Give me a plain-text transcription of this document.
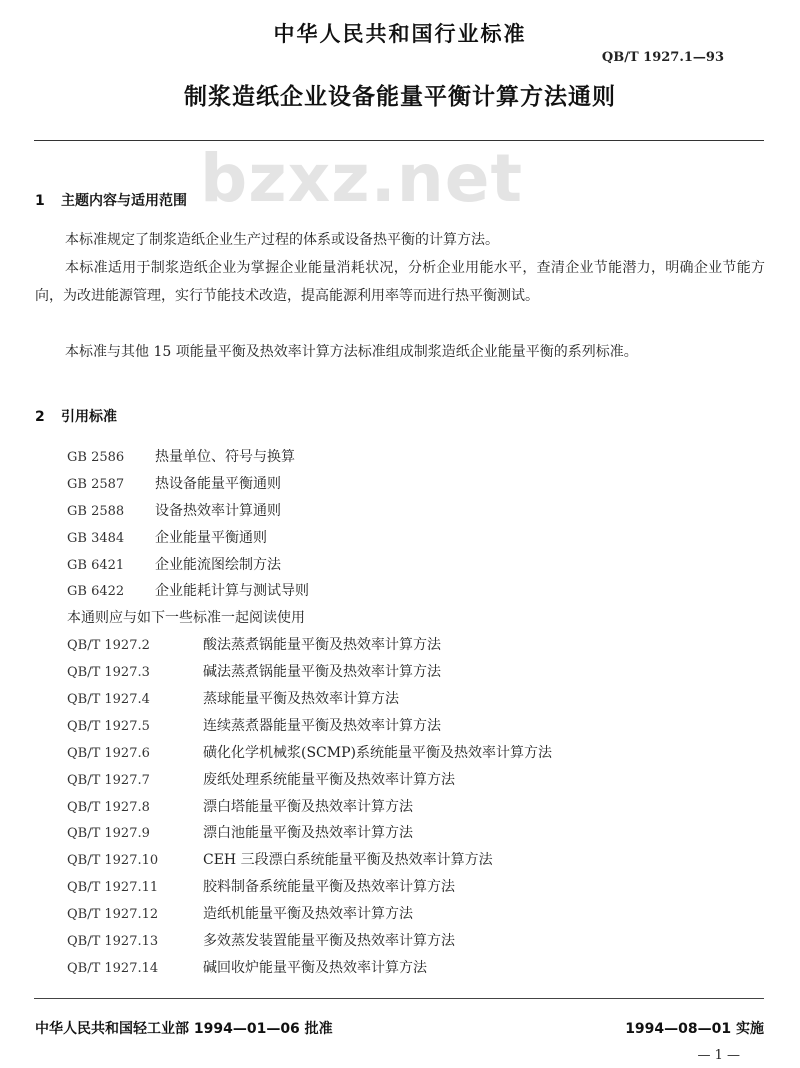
中华人民共和国行业标准
QB/T 1927.1—93
制浆造纸企业设备能量平衡计算方法通则
bzxz.net
1 主题内容与适用范围
本标准规定了制浆造纸企业生产过程的体系或设备热平衡的计算方法。
本标准适用于制浆造纸企业为掌握企业能量消耗状况，分析企业用能水平，查清企业节能潜力，明确企业节能方向，为改进能源管理，实行节能技术改造，提高能源利用率等而进行热平衡测试。
本标准与其他 15 项能量平衡及热效率计算方法标准组成制浆造纸企业能量平衡的系列标准。
2 引用标准
GB 2586 热量单位、符号与换算
GB 2587 热设备能量平衡通则
GB 2588 设备热效率计算通则
GB 3484 企业能量平衡通则
GB 6421 企业能流图绘制方法
GB 6422 企业能耗计算与测试导则
本通则应与如下一些标准一起阅读使用
QB/T 1927.2	酸法蒸煮锅能量平衡及热效率计算方法
QB/T 1927.3	碱法蒸煮锅能量平衡及热效率计算方法
QB/T 1927.4	蒸球能量平衡及热效率计算方法
QB/T 1927.5	连续蒸煮器能量平衡及热效率计算方法
QB/T 1927.6	磺化化学机械浆(SCMP)系统能量平衡及热效率计算方法
QB/T 1927.7	废纸处理系统能量平衡及热效率计算方法
QB/T 1927.8	漂白塔能量平衡及热效率计算方法
QB/T 1927.9	漂白池能量平衡及热效率计算方法
QB/T 1927.10	CEH 三段漂白系统能量平衡及热效率计算方法
QB/T 1927.11	胶料制备系统能量平衡及热效率计算方法
QB/T 1927.12	造纸机能量平衡及热效率计算方法
QB/T 1927.13	多效蒸发装置能量平衡及热效率计算方法
QB/T 1927.14	碱回收炉能量平衡及热效率计算方法
中华人民共和国轻工业部 1994—01—06 批准	1994—08—01 实施
— 1 —
